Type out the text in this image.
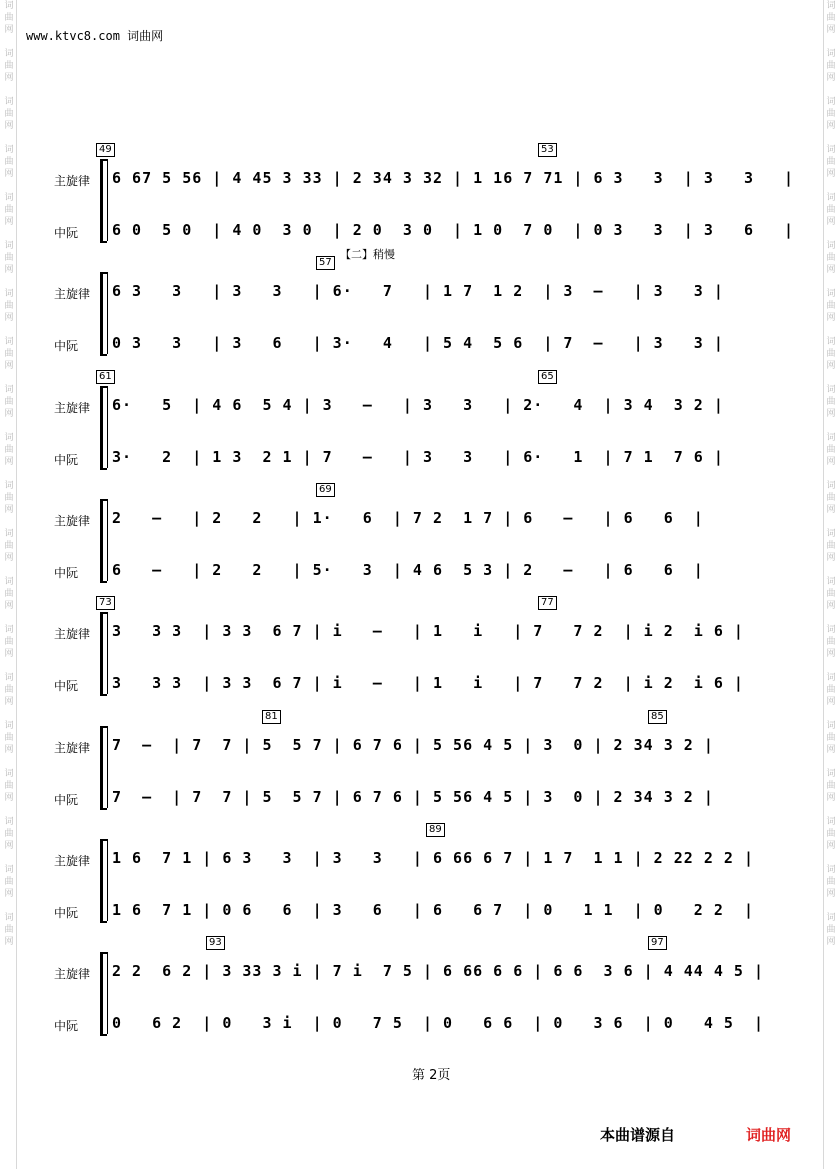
词
曲
网

词
曲
网

词
曲
网

词
曲
网

词
曲
网

词
曲
网

词
曲
网

词
曲
网

词
曲
网

词
曲
网

词
曲
网

词
曲
网

词
曲
网

词
曲
网

词
曲
网

词
曲
网

词
曲
网

词
曲
网

词
曲
网

词
曲
网
词
曲
网

词
曲
网

词
曲
网

词
曲
网

词
曲
网

词
曲
网

词
曲
网

词
曲
网

词
曲
网

词
曲
网

词
曲
网

词
曲
网

词
曲
网

词
曲
网

词
曲
网

词
曲
网

词
曲
网

词
曲
网

词
曲
网

词
曲
网
www.ktvc8.com 词曲网
主旋律
中阮
6 67 5 56 | 4 45 3 33 | 2 34 3 32 | 1 16 7 71 | 6 3   3  | 3   3   |
6 0  5 0  | 4 0  3 0  | 2 0  3 0  | 1 0  7 0  | 0 3   3  | 3   6   |
49	53
主旋律
中阮
6 3   3   | 3   3   | 6·   7   | 1 7  1 2  | 3  –   | 3   3 |
0 3   3   | 3   6   | 3·   4   | 5 4  5 6  | 7  –   | 3   3 |
57
【二】稍慢
主旋律
中阮
6·   5  | 4 6  5 4 | 3   –   | 3   3   | 2·   4  | 3 4  3 2 |
3·   2  | 1 3  2 1 | 7   –   | 3   3   | 6·   1  | 7 1  7 6 |
61	65
主旋律
中阮
2   –   | 2   2   | 1·   6  | 7 2  1 7 | 6   –   | 6   6  |
6   –   | 2   2   | 5·   3  | 4 6  5 3 | 2   –   | 6   6  |
69
主旋律
中阮
3   3 3  | 3 3  6 7 | i   –   | 1   i   | 7   7 2  | i 2  i 6 |
3   3 3  | 3 3  6 7 | i   –   | 1   i   | 7   7 2  | i 2  i 6 |
73	77
主旋律
中阮
7  –  | 7  7 | 5  5 7 | 6 7 6 | 5 56 4 5 | 3  0 | 2 34 3 2 |
7  –  | 7  7 | 5  5 7 | 6 7 6 | 5 56 4 5 | 3  0 | 2 34 3 2 |
81	85
主旋律
中阮
1 6  7 1 | 6 3   3  | 3   3   | 6 66 6 7 | 1 7  1 1 | 2 22 2 2 |
1 6  7 1 | 0 6   6  | 3   6   | 6   6 7  | 0   1 1  | 0   2 2  |
89
主旋律
中阮
2 2  6 2 | 3 33 3 i | 7 i  7 5 | 6 66 6 6 | 6 6  3 6 | 4 44 4 5 |
0   6 2  | 0   3 i  | 0   7 5  | 0   6 6  | 0   3 6  | 0   4 5  |
93	97
第 2页
本曲谱源自	词曲网
